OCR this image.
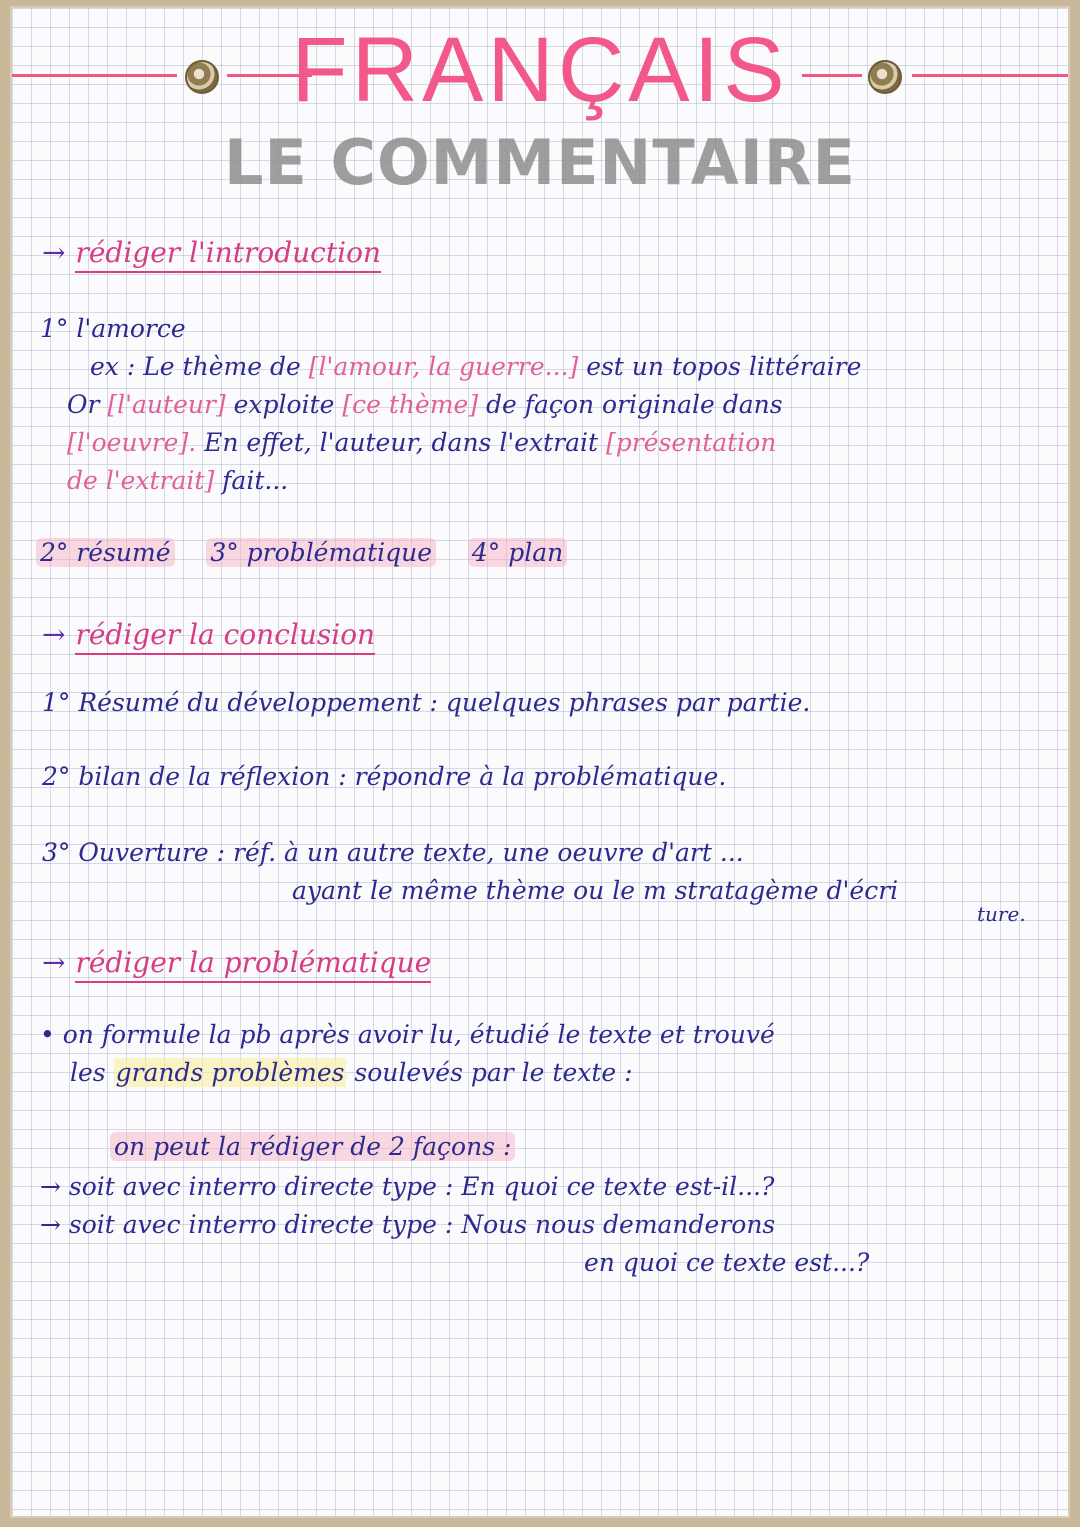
FRANÇAIS
LE COMMENTAIRE
→ rédiger l'introduction
1° l'amorce
ex : Le thème de [l'amour, la guerre...] est un topos littéraire
Or [l'auteur] exploite [ce thème] de façon originale dans
[l'oeuvre]. En effet, l'auteur, dans l'extrait [présentation
de l'extrait] fait...
2° résumé 3° problématique 4° plan
→ rédiger la conclusion
1° Résumé du développement : quelques phrases par partie.
2° bilan de la réflexion : répondre à la problématique.
3° Ouverture : réf. à un autre texte, une oeuvre d'art ...
ayant le même thème ou le m stratagème d'écri
ture.
→ rédiger la problématique
• on formule la pb après avoir lu, étudié le texte et trouvé
les grands problèmes soulevés par le texte :
on peut la rédiger de 2 façons :
→ soit avec interro directe type : En quoi ce texte est-il...?
→ soit avec interro directe type : Nous nous demanderons
en quoi ce texte est...?
